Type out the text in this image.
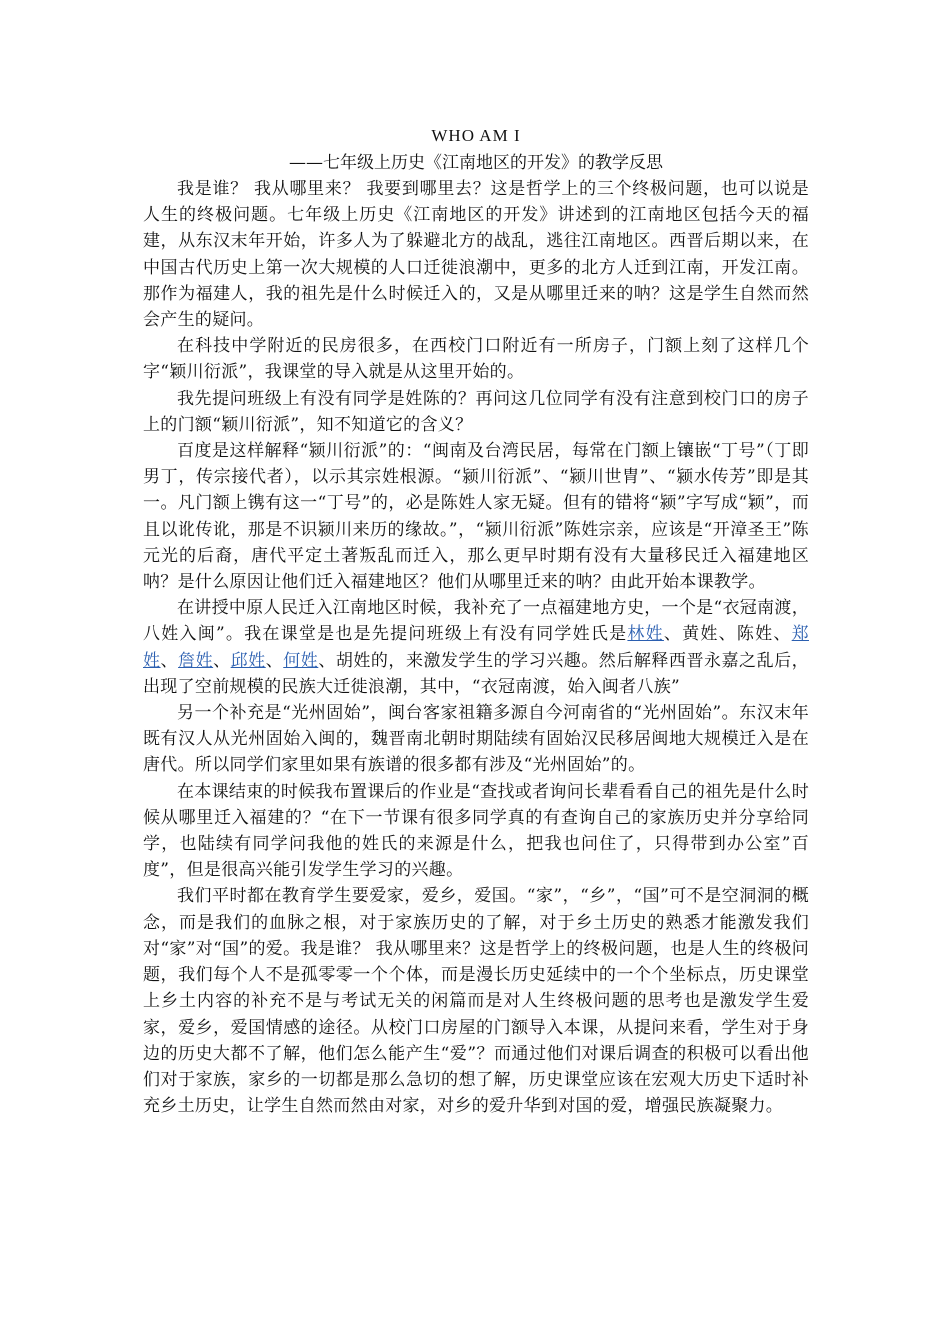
WHO AM I

——七年级上历史《江南地区的开发》的教学反思

我是谁？ 我从哪里来？ 我要到哪里去？这是哲学上的三个终极问题，也可以说是人生的终极问题。七年级上历史《江南地区的开发》讲述到的江南地区包括今天的福建，从东汉末年开始，许多人为了躲避北方的战乱，逃往江南地区。西晋后期以来，在中国古代历史上第一次大规模的人口迁徙浪潮中，更多的北方人迁到江南，开发江南。那作为福建人，我的祖先是什么时候迁入的，又是从哪里迁来的呐？这是学生自然而然会产生的疑问。

在科技中学附近的民房很多，在西校门口附近有一所房子，门额上刻了这样几个字“颖川衍派”，我课堂的导入就是从这里开始的。

我先提问班级上有没有同学是姓陈的？再问这几位同学有没有注意到校门口的房子上的门额“颖川衍派”，知不知道它的含义？

百度是这样解释“颍川衍派”的：“闽南及台湾民居，每常在门额上镶嵌“丁号”（丁即男丁，传宗接代者），以示其宗姓根源。“颍川衍派”、“颍川世胄”、“颍水传芳”即是其一。凡门额上镌有这一“丁号”的，必是陈姓人家无疑。但有的错将“颍”字写成“颖”，而且以讹传讹，那是不识颍川来历的缘故。”，“颍川衍派”陈姓宗亲，应该是“开漳圣王”陈元光的后裔，唐代平定土著叛乱而迁入，那么更早时期有没有大量移民迁入福建地区呐？是什么原因让他们迁入福建地区？他们从哪里迁来的呐？由此开始本课教学。

在讲授中原人民迁入江南地区时候，我补充了一点福建地方史，一个是“衣冠南渡，八姓入闽”。我在课堂是也是先提问班级上有没有同学姓氏是林姓、黄姓、陈姓、郑姓、詹姓、邱姓、何姓、胡姓的，来激发学生的学习兴趣。然后解释西晋永嘉之乱后，出现了空前规模的民族大迁徙浪潮，其中，“衣冠南渡，始入闽者八族”

另一个补充是“光州固始”，闽台客家祖籍多源自今河南省的“光州固始”。东汉末年既有汉人从光州固始入闽的，魏晋南北朝时期陆续有固始汉民移居闽地大规模迁入是在唐代。所以同学们家里如果有族谱的很多都有涉及“光州固始”的。

在本课结束的时候我布置课后的作业是“查找或者询问长辈看看自己的祖先是什么时候从哪里迁入福建的？“在下一节课有很多同学真的有查询自己的家族历史并分享给同学，也陆续有同学问我他的姓氏的来源是什么，把我也问住了，只得带到办公室”百度”，但是很高兴能引发学生学习的兴趣。

我们平时都在教育学生要爱家，爱乡，爱国。“家”，“乡”，“国”可不是空洞洞的概念，而是我们的血脉之根，对于家族历史的了解，对于乡土历史的熟悉才能激发我们对“家”对“国”的爱。我是谁？ 我从哪里来？这是哲学上的终极问题，也是人生的终极问题，我们每个人不是孤零零一个个体，而是漫长历史延续中的一个个坐标点，历史课堂上乡土内容的补充不是与考试无关的闲篇而是对人生终极问题的思考也是激发学生爱家，爱乡，爱国情感的途径。从校门口房屋的门额导入本课，从提问来看，学生对于身边的历史大都不了解，他们怎么能产生“爱”？而通过他们对课后调查的积极可以看出他们对于家族，家乡的一切都是那么急切的想了解，历史课堂应该在宏观大历史下适时补充乡土历史，让学生自然而然由对家，对乡的爱升华到对国的爱，增强民族凝聚力。
